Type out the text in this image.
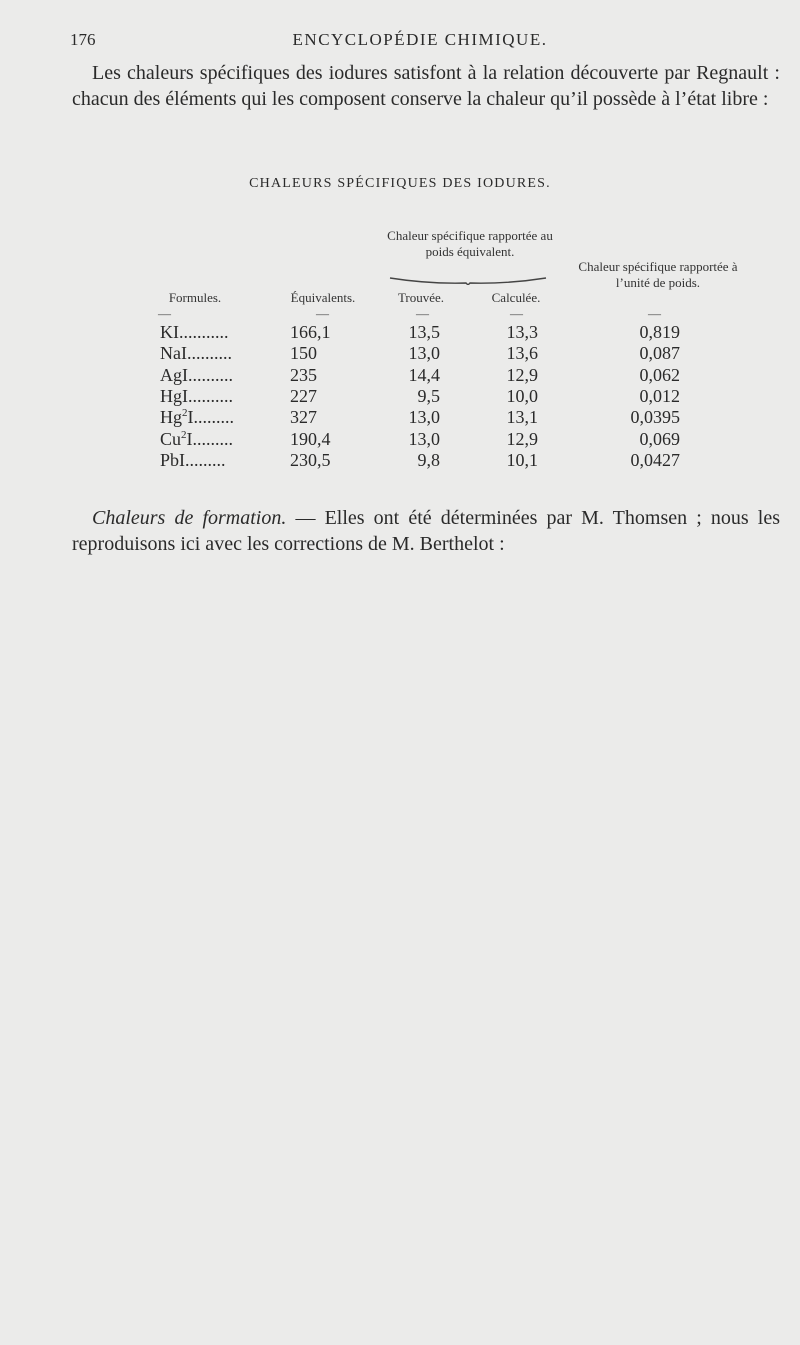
176	ENCYCLOPÉDIE CHIMIQUE.

Les chaleurs spécifiques des iodures satisfont à la relation découverte par Regnault : chacun des éléments qui les composent conserve la chaleur qu’il possède à l’état libre :

CHALEURS SPÉCIFIQUES DES IODURES.
Chaleur spécifique rapportée au poids équivalent.
Chaleur spécifique rapportée à l’unité de poids.
Formules.	Équivalents.	Trouvée.	Calculée.
—	—	—	—	—
KI...........	166,1	13,5	13,3	0,819
NaI..........	150	13,0	13,6	0,087
AgI..........	235	14,4	12,9	0,062
HgI..........	227	9,5	10,0	0,012
Hg$^2$I.........	327	13,0	13,1	0,0395
Cu$^2$I.........	190,4	13,0	12,9	0,069
PbI.........	230,5	9,8	10,1	0,0427

Chaleurs de formation. — Elles ont été déterminées par M. Thomsen ; nous les reproduisons ici avec les corrections de M. Berthelot :
